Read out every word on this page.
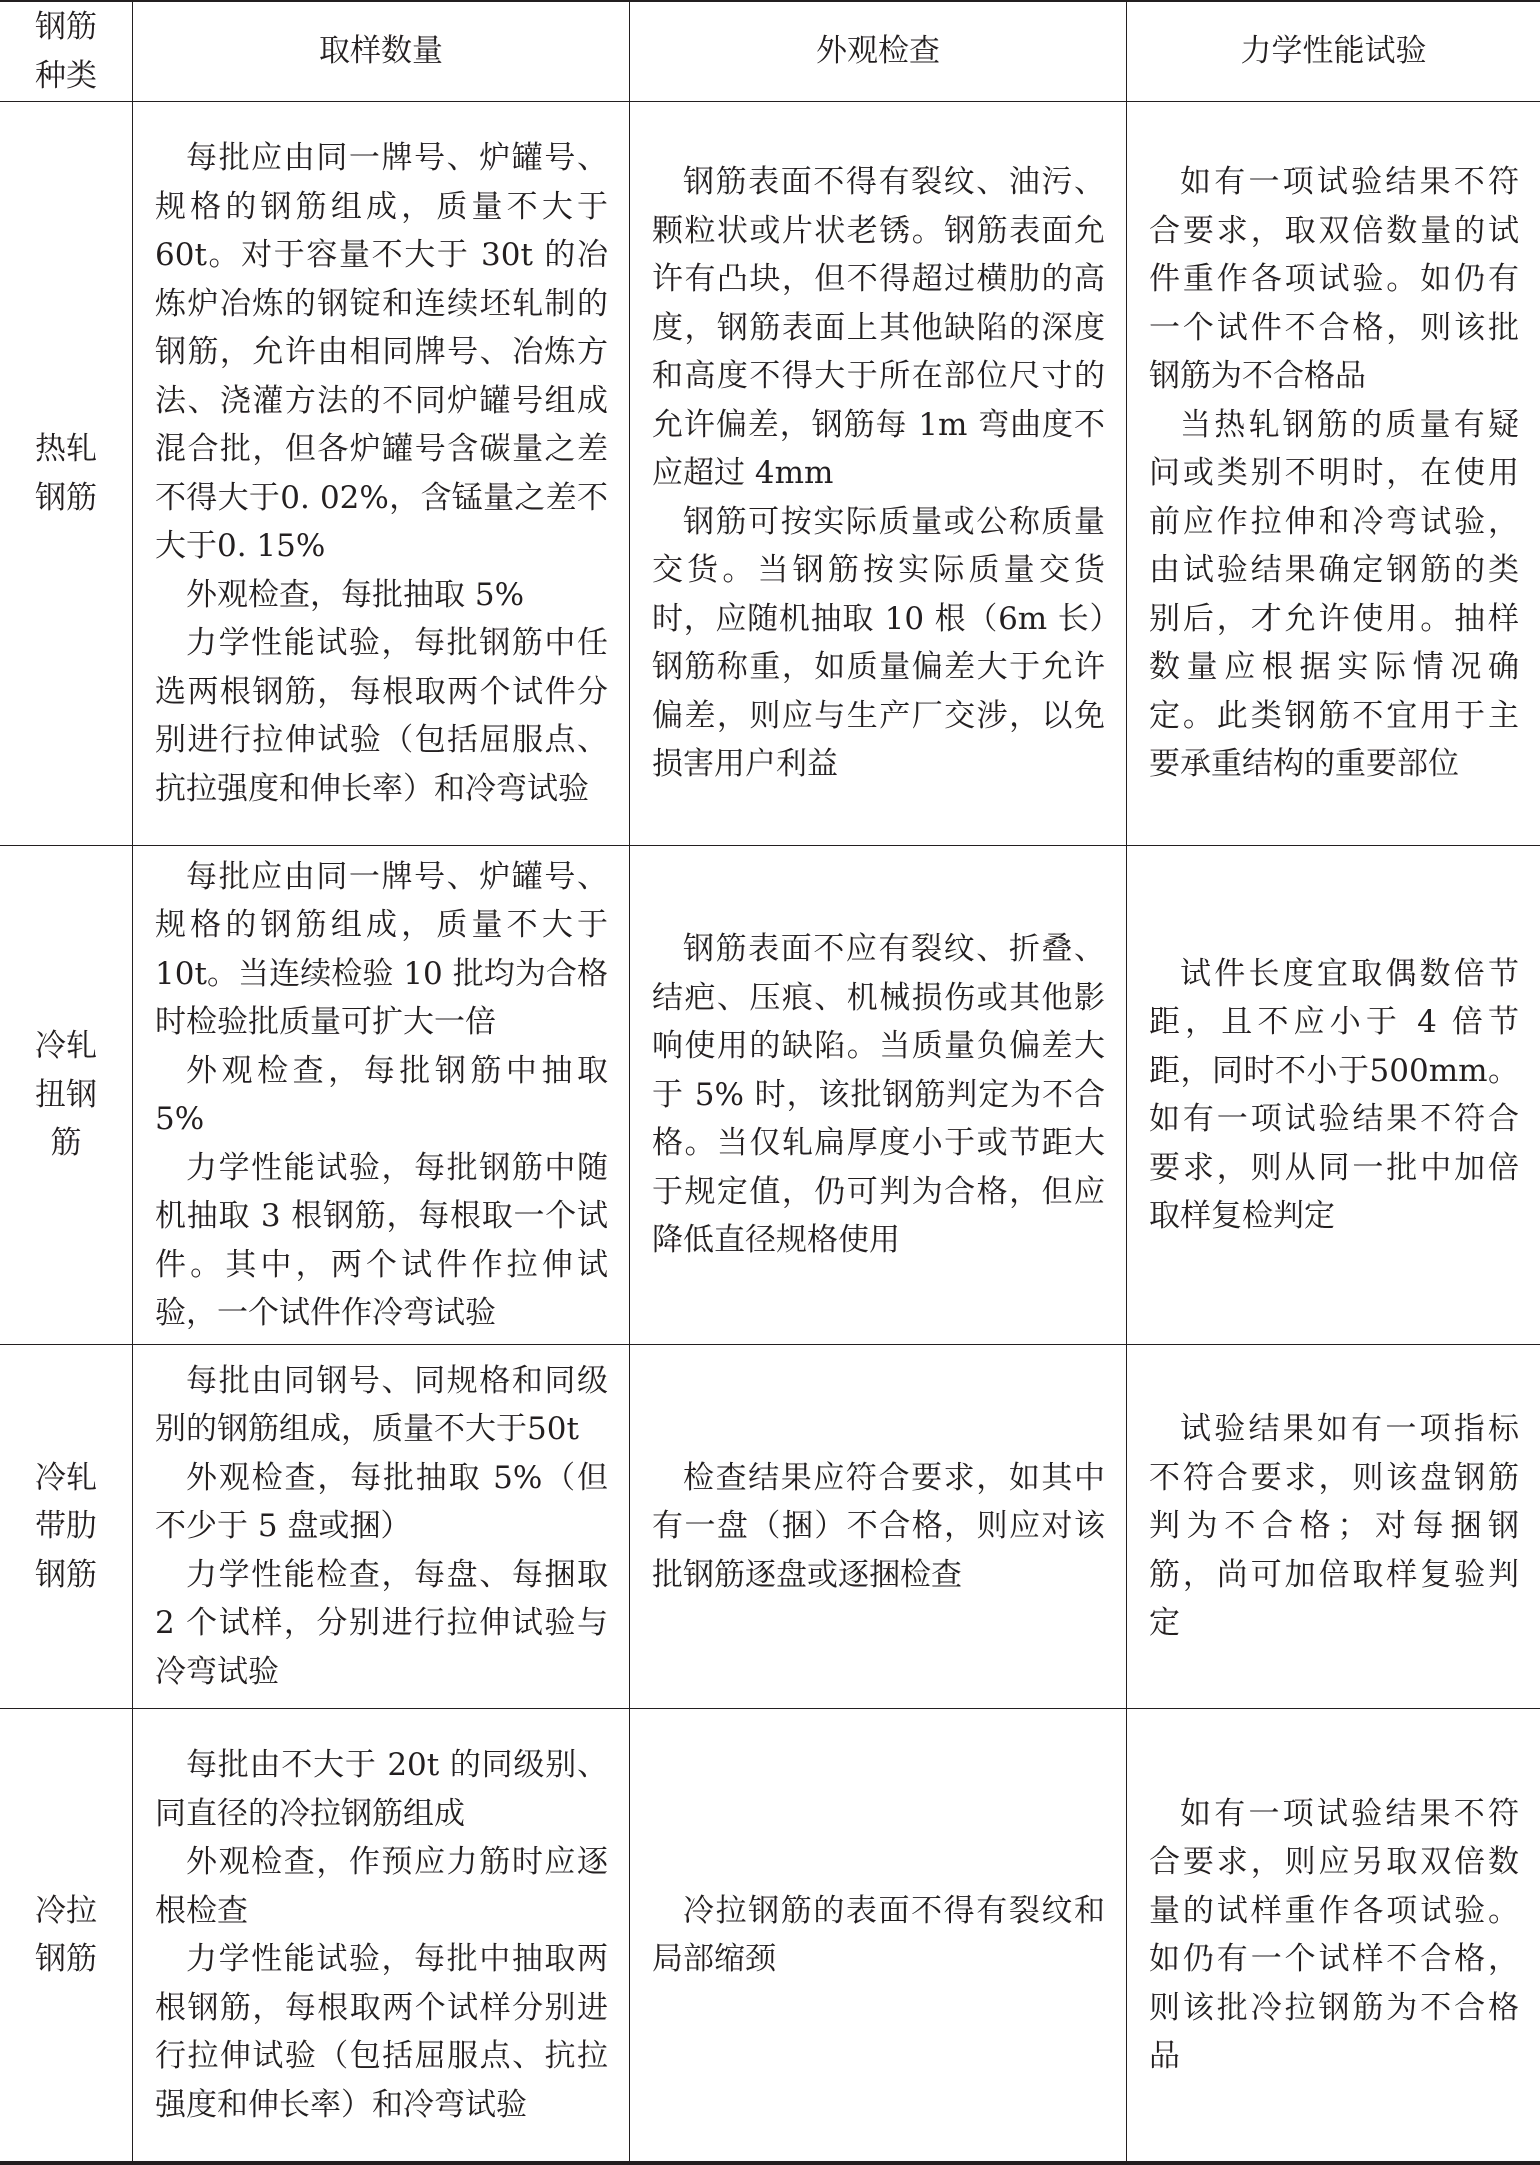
钢筋种类
取样数量	外观检查	力学性能试验
热轧钢筋

每批应由同一牌号、炉罐号、规格的钢筋组成，质量不大于60t。对于容量不大于 30t 的冶炼炉冶炼的钢锭和连续坯轧制的钢筋，允许由相同牌号、冶炼方法、浇灌方法的不同炉罐号组成混合批，但各炉罐号含碳量之差不得大于0. 02%，含锰量之差不大于0. 15%

外观检查，每批抽取 5%

力学性能试验，每批钢筋中任选两根钢筋，每根取两个试件分别进行拉伸试验（包括屈服点、抗拉强度和伸长率）和冷弯试验

钢筋表面不得有裂纹、油污、颗粒状或片状老锈。钢筋表面允许有凸块，但不得超过横肋的高度，钢筋表面上其他缺陷的深度和高度不得大于所在部位尺寸的允许偏差，钢筋每 1m 弯曲度不应超过 4mm

钢筋可按实际质量或公称质量交货。当钢筋按实际质量交货时，应随机抽取 10 根（6m 长）钢筋称重，如质量偏差大于允许偏差，则应与生产厂交涉，以免损害用户利益

如有一项试验结果不符合要求，取双倍数量的试件重作各项试验。如仍有一个试件不合格，则该批钢筋为不合格品

当热轧钢筋的质量有疑问或类别不明时，在使用前应作拉伸和冷弯试验，由试验结果确定钢筋的类别后，才允许使用。抽样数量应根据实际情况确定。此类钢筋不宜用于主要承重结构的重要部位

冷轧扭钢筋

每批应由同一牌号、炉罐号、规格的钢筋组成，质量不大于10t。当连续检验 10 批均为合格时检验批质量可扩大一倍

外观检查，每批钢筋中抽取 5%

力学性能试验，每批钢筋中随机抽取 3 根钢筋，每根取一个试件。其中，两个试件作拉伸试验，一个试件作冷弯试验

钢筋表面不应有裂纹、折叠、结疤、压痕、机械损伤或其他影响使用的缺陷。当质量负偏差大于 5% 时，该批钢筋判定为不合格。当仅轧扁厚度小于或节距大于规定值，仍可判为合格，但应降低直径规格使用

试件长度宜取偶数倍节距，且不应小于 4 倍节距，同时不小于500mm。如有一项试验结果不符合要求，则从同一批中加倍取样复检判定

冷轧带肋钢筋

每批由同钢号、同规格和同级别的钢筋组成，质量不大于50t

外观检查，每批抽取 5%（但不少于 5 盘或捆）

力学性能检查，每盘、每捆取 2 个试样，分别进行拉伸试验与冷弯试验

检查结果应符合要求，如其中有一盘（捆）不合格，则应对该批钢筋逐盘或逐捆检查

试验结果如有一项指标不符合要求，则该盘钢筋判为不合格；对每捆钢筋，尚可加倍取样复验判定

冷拉钢筋

每批由不大于 20t 的同级别、同直径的冷拉钢筋组成

外观检查，作预应力筋时应逐根检查

力学性能试验，每批中抽取两根钢筋，每根取两个试样分别进行拉伸试验（包括屈服点、抗拉强度和伸长率）和冷弯试验

冷拉钢筋的表面不得有裂纹和局部缩颈

如有一项试验结果不符合要求，则应另取双倍数量的试样重作各项试验。如仍有一个试样不合格，则该批冷拉钢筋为不合格品
